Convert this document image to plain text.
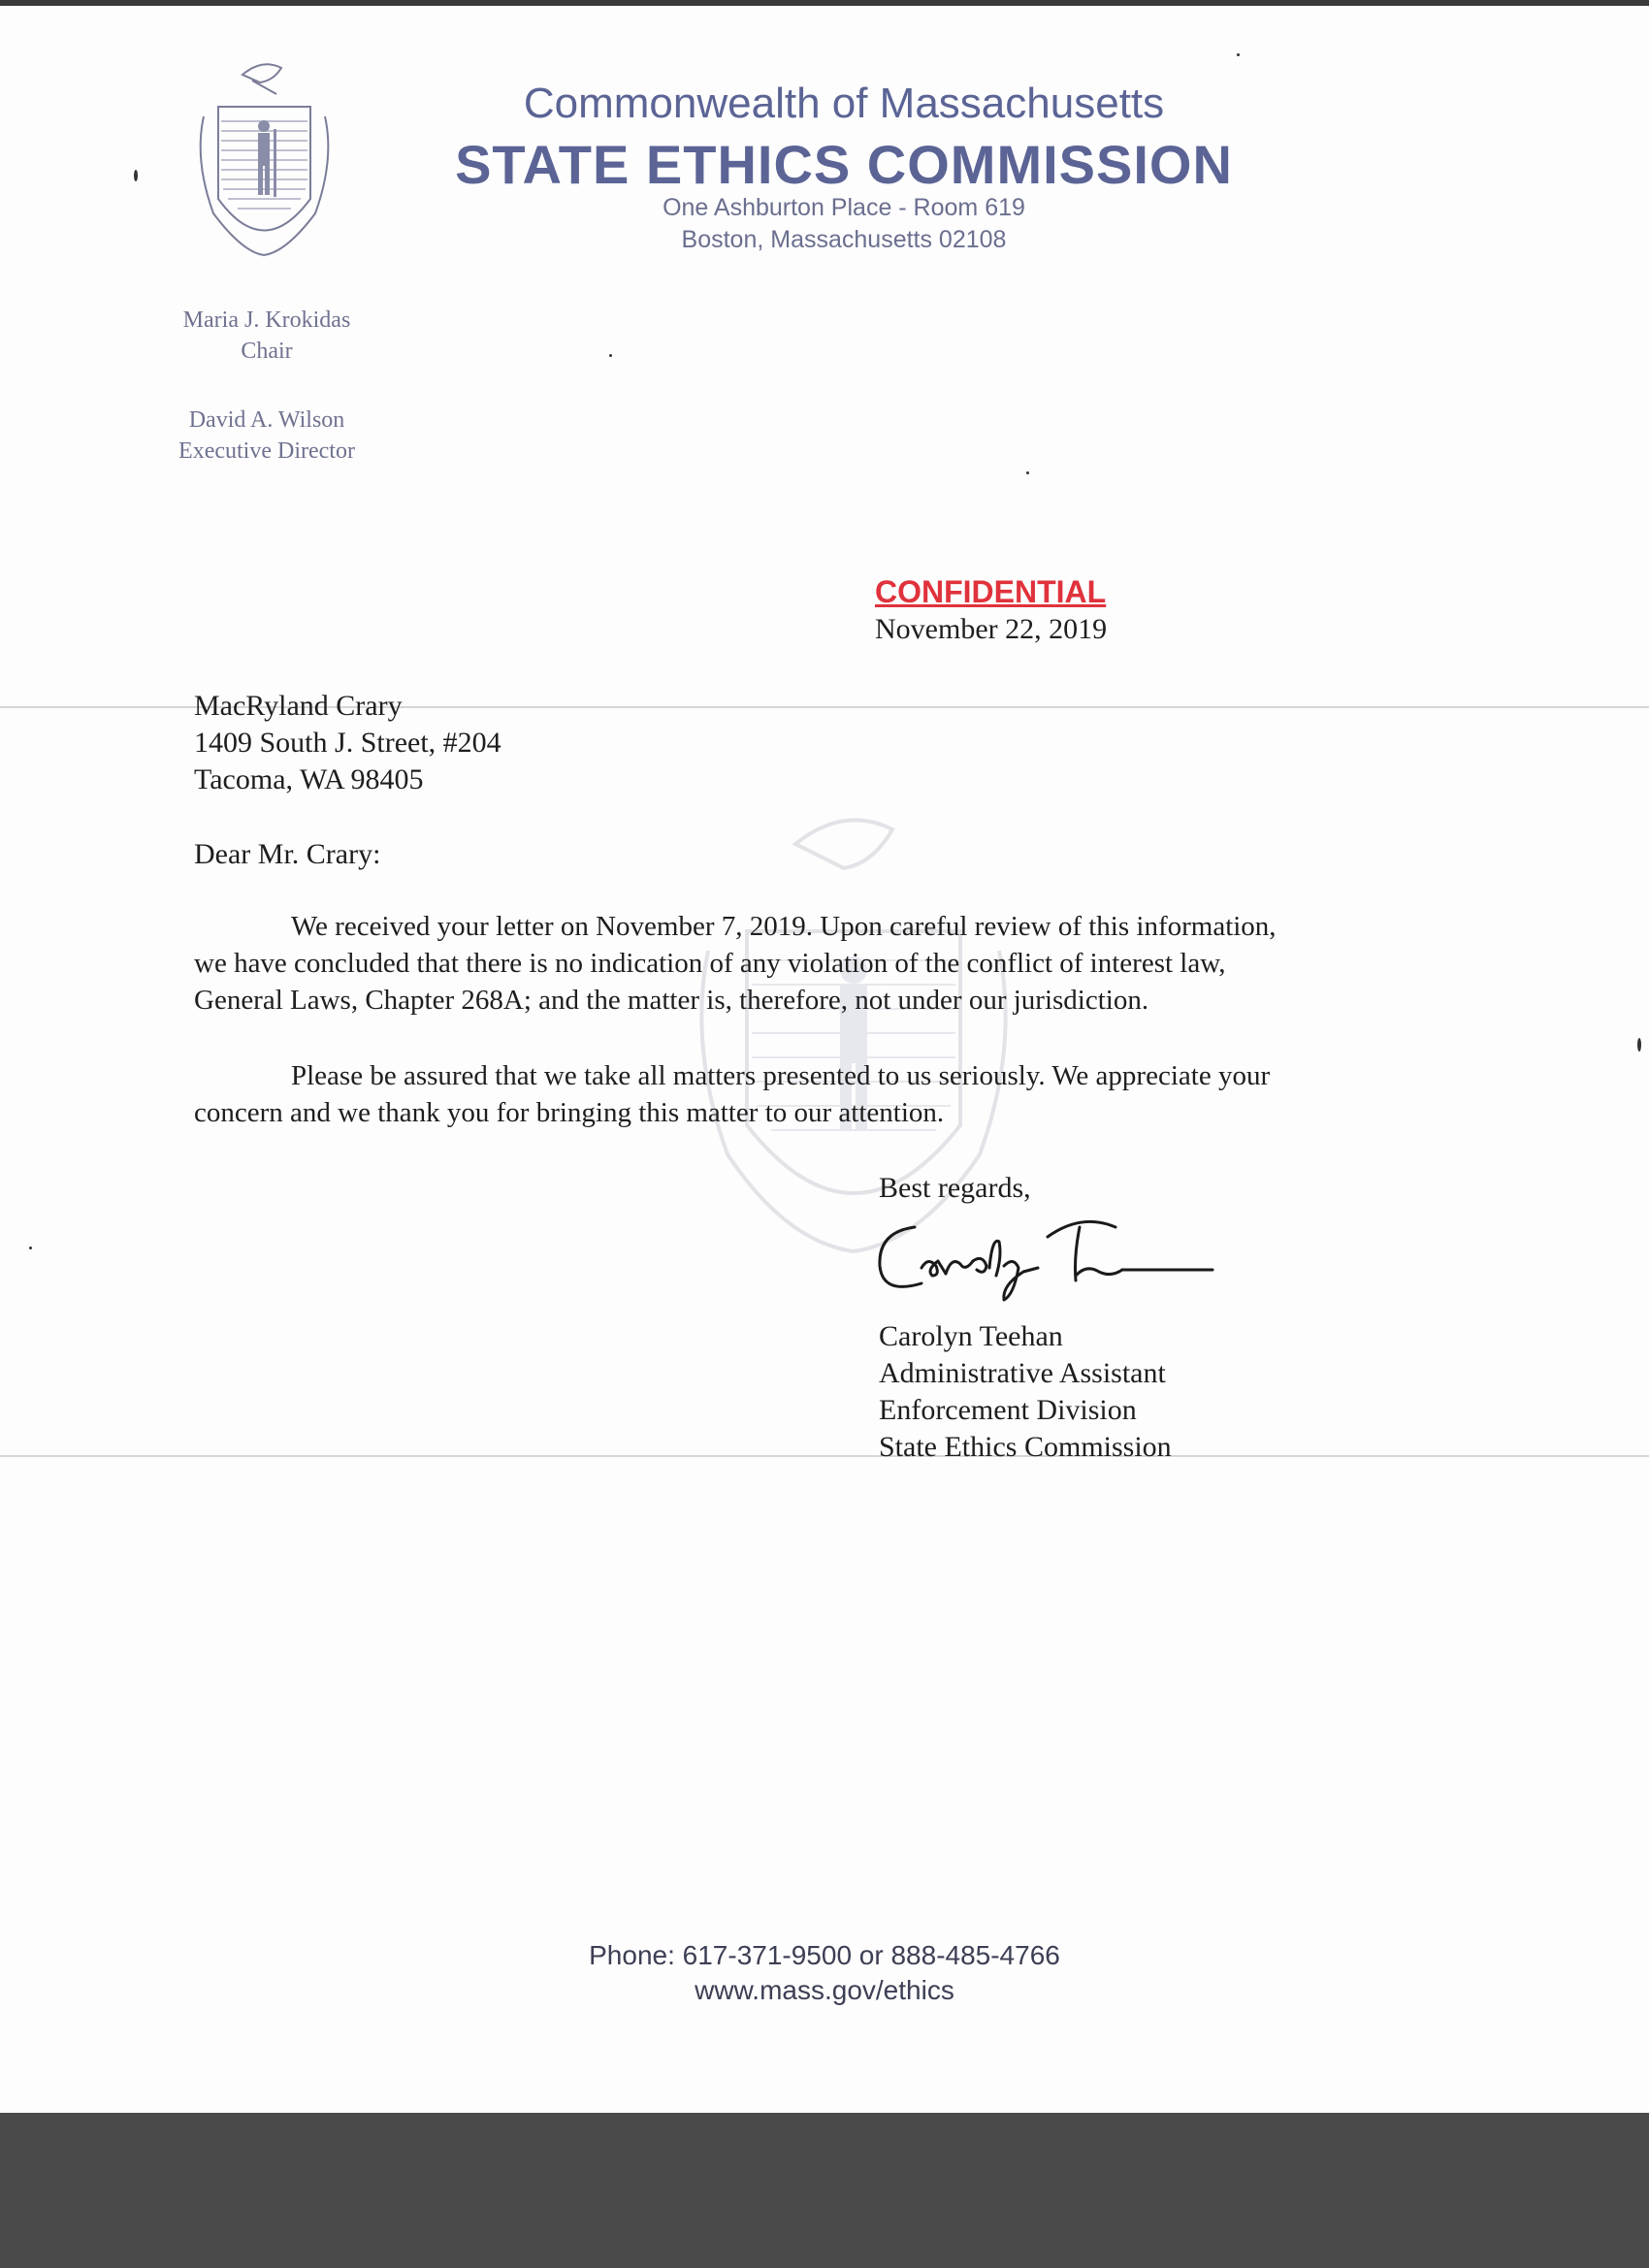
Commonwealth of Massachusetts
STATE ETHICS COMMISSION
One Ashburton Place - Room 619
Boston, Massachusetts 02108
Maria J. Krokidas
Chair
David A. Wilson
Executive Director
CONFIDENTIAL
November 22, 2019
MacRyland Crary
1409 South J. Street, #204
Tacoma, WA 98405
Dear Mr. Crary:
We received your letter on November 7, 2019. Upon careful review of this information,
we have concluded that there is no indication of any violation of the conflict of interest law,
General Laws, Chapter 268A; and the matter is, therefore, not under our jurisdiction.
Please be assured that we take all matters presented to us seriously. We appreciate your
concern and we thank you for bringing this matter to our attention.
Best regards,
Carolyn Teehan
Administrative Assistant
Enforcement Division
State Ethics Commission
Phone: 617-371-9500 or 888-485-4766
www.mass.gov/ethics
